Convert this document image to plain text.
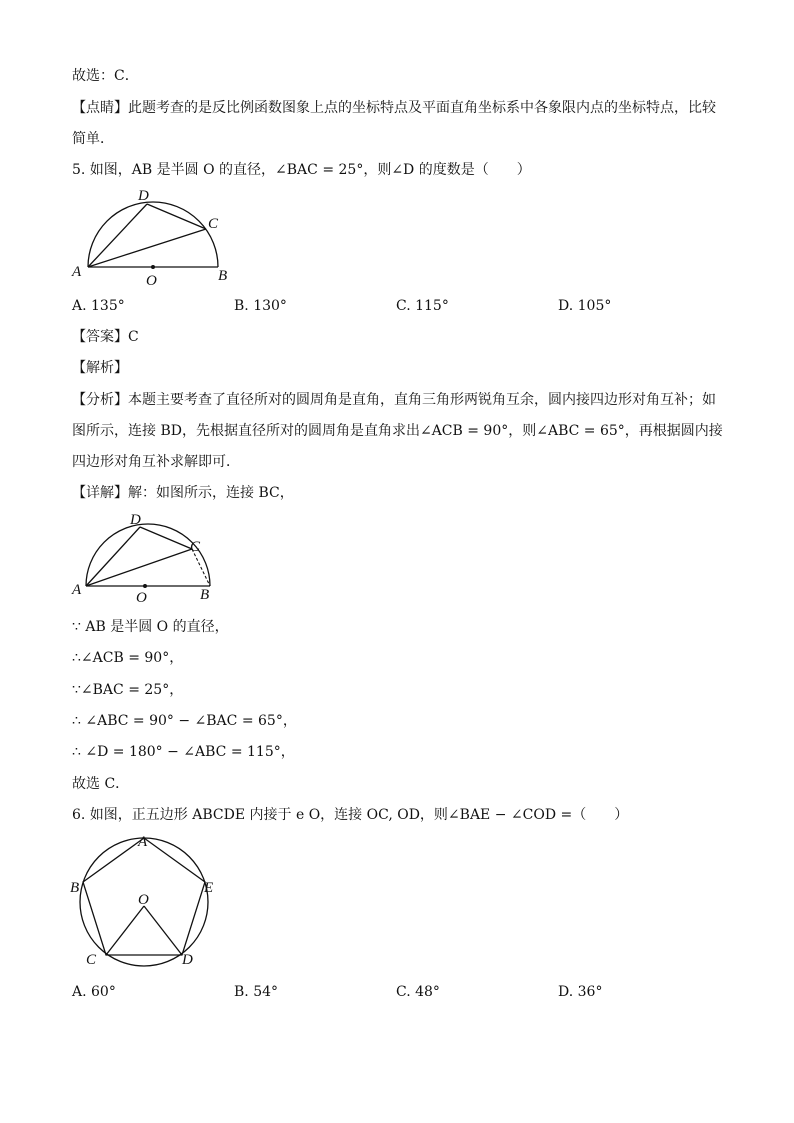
故选：C．
【点睛】此题考查的是反比例函数图象上点的坐标特点及平面直角坐标系中各象限内点的坐标特点，比较
简单．
5. 如图，AB 是半圆 O 的直径，∠BAC = 25°，则∠D 的度数是（　　）
A	B
C
D
O
A. 135°	B. 130°	C. 115°	D. 105°
【答案】C
【解析】
【分析】本题主要考查了直径所对的圆周角是直角，直角三角形两锐角互余，圆内接四边形对角互补；如
图所示，连接 BD，先根据直径所对的圆周角是直角求出∠ACB = 90°，则∠ABC = 65°，再根据圆内接
四边形对角互补求解即可．
【详解】解：如图所示，连接 BC，
A	B
C
D
O
∵ AB 是半圆 O 的直径，
∴∠ACB = 90°，
∵∠BAC = 25°，
∴ ∠ABC = 90° − ∠BAC = 65°，
∴ ∠D = 180° − ∠ABC = 115°，
故选 C．
6. 如图，正五边形 ABCDE 内接于 e O，连接 OC, OD，则∠BAE − ∠COD =（　　）
A
B
C	D
E
O
A. 60°	B. 54°	C. 48°	D. 36°
